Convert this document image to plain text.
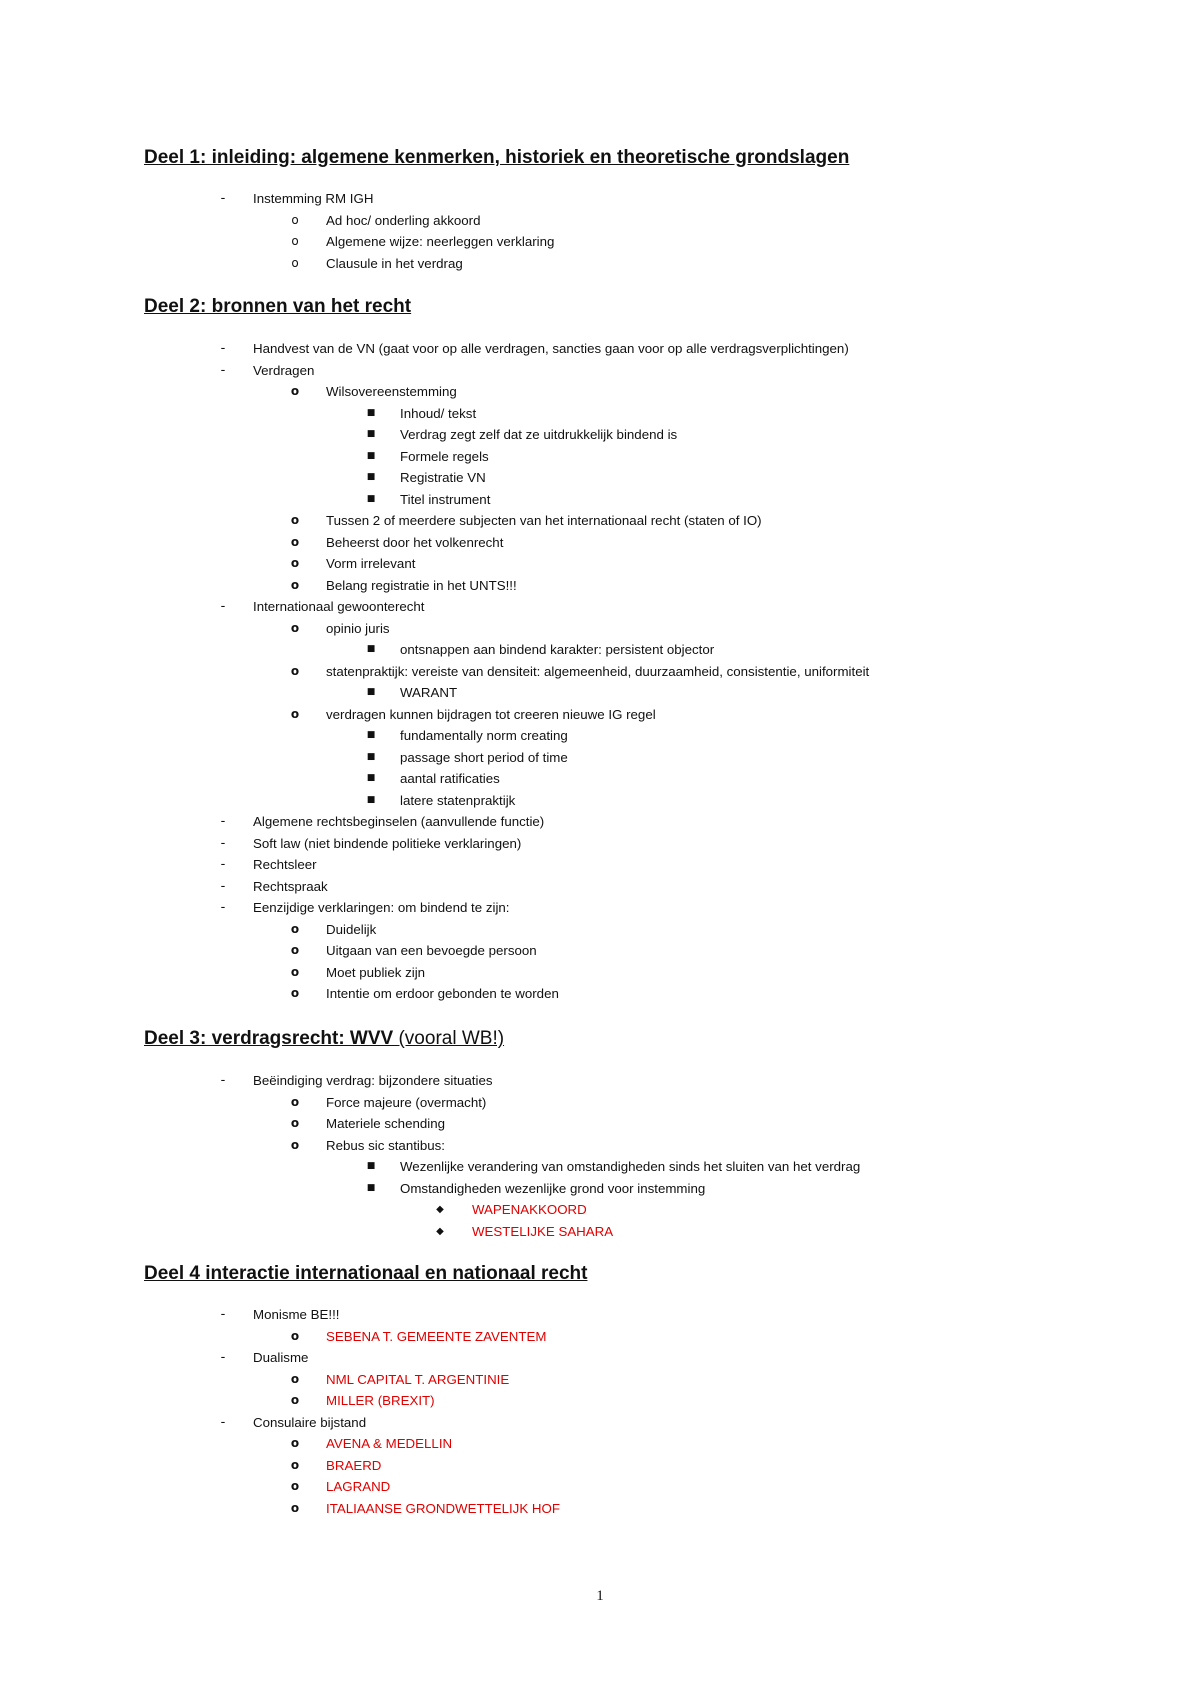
Deel 1: inleiding: algemene kenmerken, historiek en theoretische grondslagen
-	Instemming RM IGH
o Ad hoc/ onderling akkoord
o Algemene wijze: neerleggen verklaring
o Clausule in het verdrag
Deel 2: bronnen van het recht
-	Handvest van de VN (gaat voor op alle verdragen, sancties gaan voor op alle verdragsverplichtingen)
-	Verdragen
o Wilsovereenstemming
■ Inhoud/ tekst
■ Verdrag zegt zelf dat ze uitdrukkelijk bindend is
■ Formele regels
■ Registratie VN
■ Titel instrument
o Tussen 2 of meerdere subjecten van het internationaal recht (staten of IO)
o Beheerst door het volkenrecht
o Vorm irrelevant
o Belang registratie in het UNTS!!!
-	Internationaal gewoonterecht
o opinio juris
■ ontsnappen aan bindend karakter: persistent objector
o statenpraktijk: vereiste van densiteit: algemeenheid, duurzaamheid, consistentie, uniformiteit
■ WARANT
o verdragen kunnen bijdragen tot creeren nieuwe IG regel
■ fundamentally norm creating
■ passage short period of time
■ aantal ratificaties
■ latere statenpraktijk
-	Algemene rechtsbeginselen (aanvullende functie)
-	Soft law (niet bindende politieke verklaringen)
-	Rechtsleer
-	Rechtspraak
-	Eenzijdige verklaringen: om bindend te zijn:
o Duidelijk
o Uitgaan van een bevoegde persoon
o Moet publiek zijn
o Intentie om erdoor gebonden te worden
Deel 3: verdragsrecht: WVV (vooral WB!)
-	Beëindiging verdrag: bijzondere situaties
o Force majeure (overmacht)
o Materiele schending
o Rebus sic stantibus:
■ Wezenlijke verandering van omstandigheden sinds het sluiten van het verdrag
■ Omstandigheden wezenlijke grond voor instemming
◆ WAPENAKKOORD
◆ WESTELIJKE SAHARA
Deel 4 interactie internationaal en nationaal recht
-	Monisme BE!!!
o SEBENA T. GEMEENTE ZAVENTEM
-	Dualisme
o NML CAPITAL T. ARGENTINIE
o MILLER (BREXIT)
-	Consulaire bijstand
o AVENA & MEDELLIN
o BRAERD
o LAGRAND
o ITALIAANSE GRONDWETTELIJK HOF
1
